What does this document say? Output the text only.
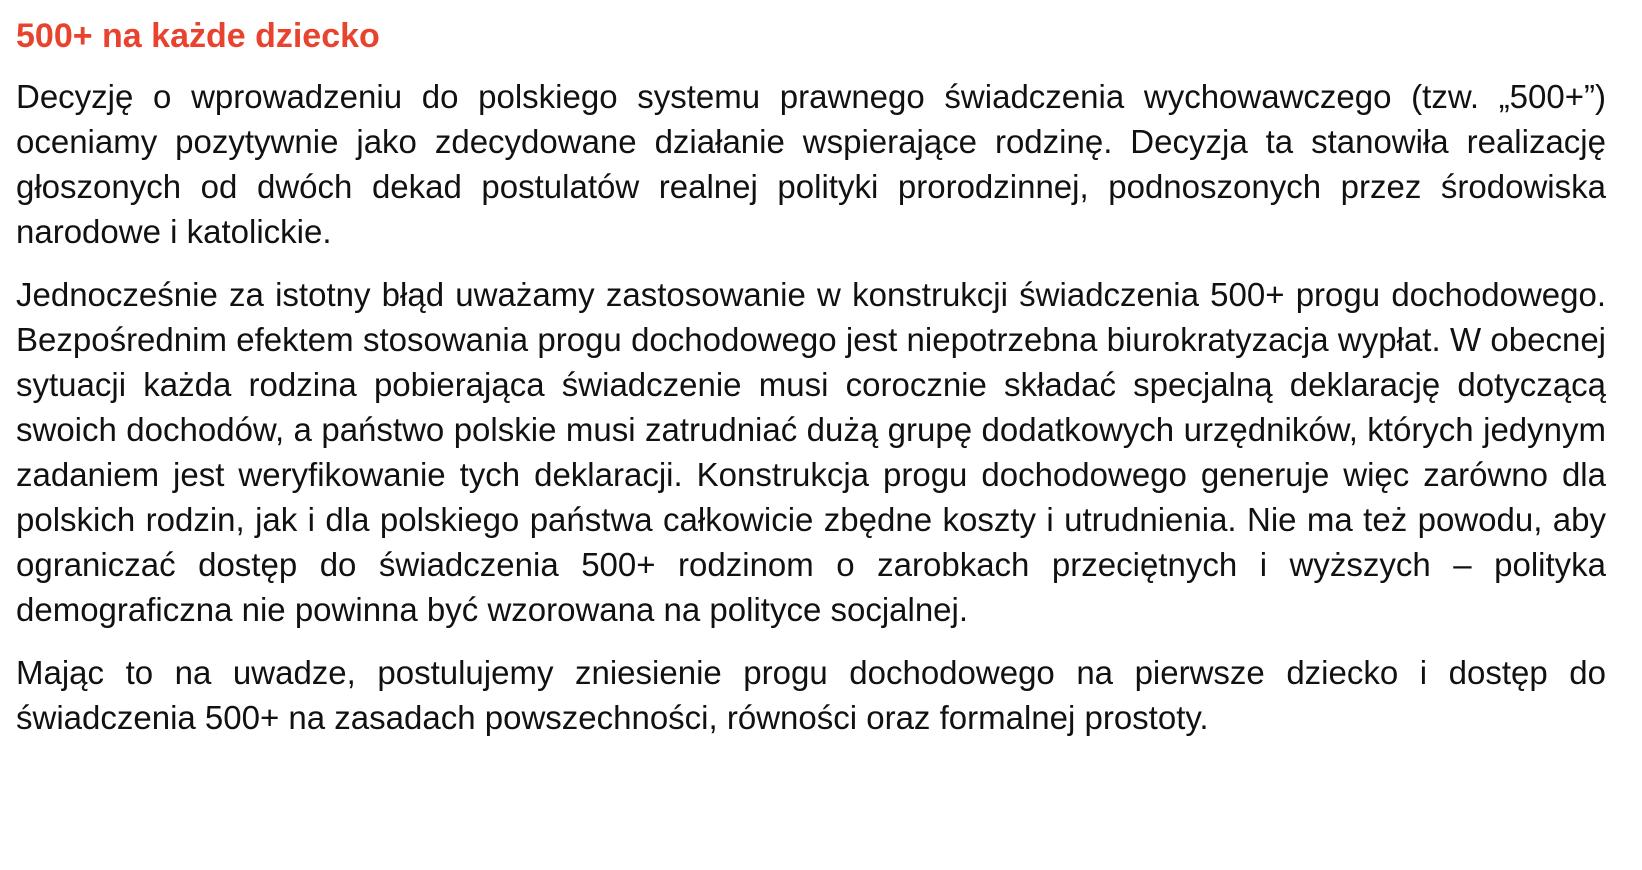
500+ na każde dziecko

Decyzję o wprowadzeniu do polskiego systemu prawnego świadczenia wychowawczego (tzw. „500+”) oceniamy pozytywnie jako zdecydowane działanie wspierające rodzinę. Decyzja ta stanowiła realizację głoszonych od dwóch dekad postulatów realnej polityki prorodzinnej, podnoszonych przez środowiska narodowe i katolickie.

Jednocześnie za istotny błąd uważamy zastosowanie w konstrukcji świadczenia 500+ progu dochodowego. Bezpośrednim efektem stosowania progu dochodowego jest niepotrzebna biurokratyzacja wypłat. W obecnej sytuacji każda rodzina pobierająca świadczenie musi corocznie składać specjalną deklarację dotyczącą swoich dochodów, a państwo polskie musi zatrudniać dużą grupę dodatkowych urzędników, których jedynym zadaniem jest weryfikowanie tych deklaracji. Konstrukcja progu dochodowego generuje więc zarówno dla polskich rodzin, jak i dla polskiego państwa całkowicie zbędne koszty i utrudnienia. Nie ma też powodu, aby ograniczać dostęp do świadczenia 500+ rodzinom o zarobkach przeciętnych i wyższych – polityka demograficzna nie powinna być wzorowana na polityce socjalnej.

Mając to na uwadze, postulujemy zniesienie progu dochodowego na pierwsze dziecko i dostęp do świadczenia 500+ na zasadach powszechności, równości oraz formalnej prostoty.
